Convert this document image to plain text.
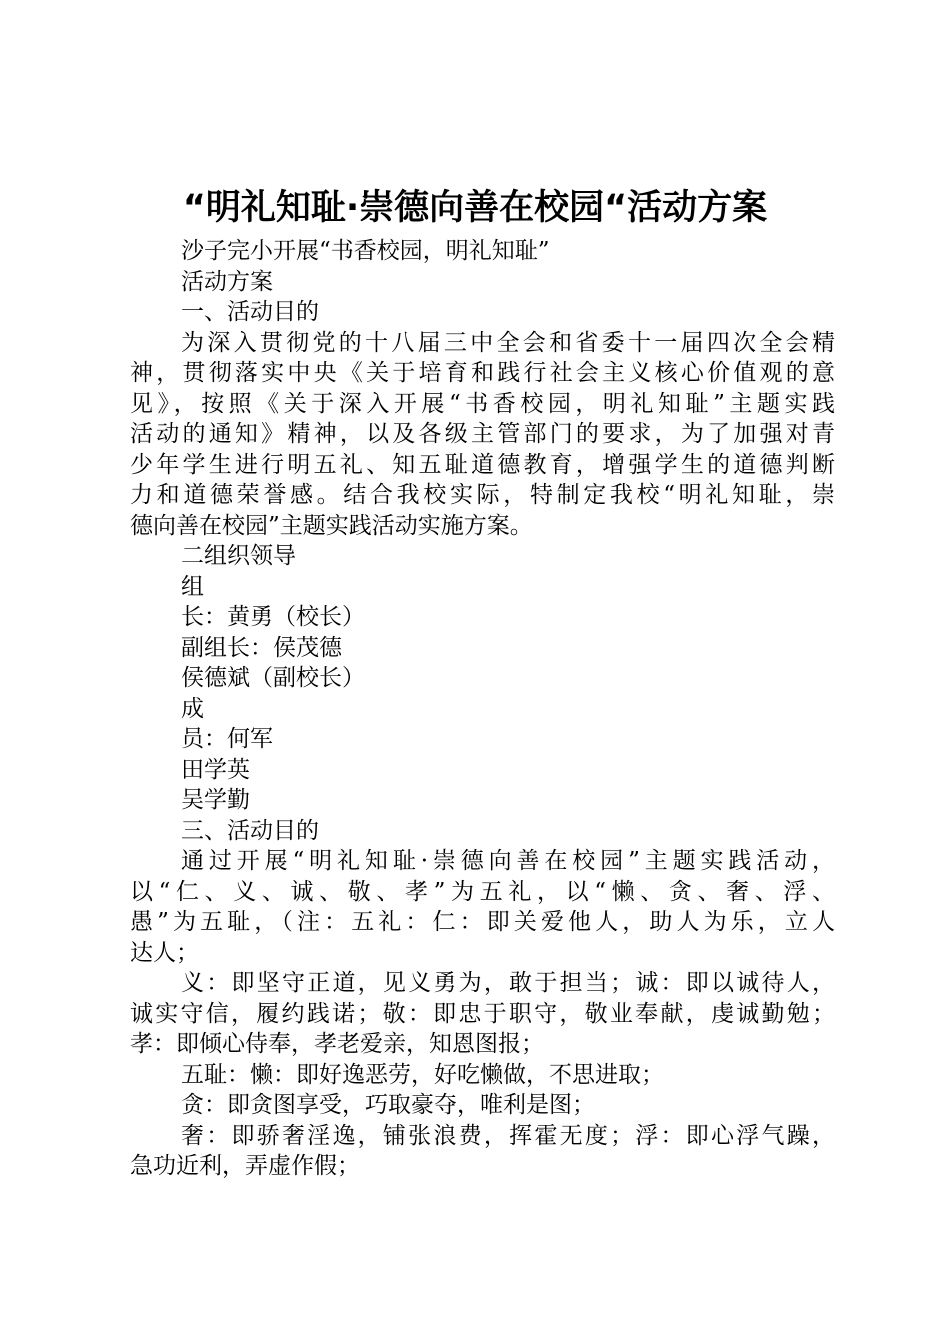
“明礼知耻·崇德向善在校园“活动方案

沙子完小开展“书香校园，明礼知耻”

活动方案

一、活动目的

为深入贯彻党的十八届三中全会和省委十一届四次全会精

神，贯彻落实中央《关于培育和践行社会主义核心价值观的意

见》，按照《关于深入开展“书香校园，明礼知耻”主题实践

活动的通知》精神，以及各级主管部门的要求，为了加强对青

少年学生进行明五礼、知五耻道德教育，增强学生的道德判断

力和道德荣誉感。结合我校实际，特制定我校“明礼知耻，崇

德向善在校园”主题实践活动实施方案。

二组织领导

组

长：黄勇（校长）

副组长：侯茂德

侯德斌（副校长）

成

员：何军

田学英

吴学勤

三、活动目的

通过开展“明礼知耻·崇德向善在校园”主题实践活动，

以“仁、义、诚、敬、孝”为五礼，以“懒、贪、奢、浮、

愚”为五耻，（注：五礼：仁：即关爱他人，助人为乐，立人

达人；

义：即坚守正道，见义勇为，敢于担当；诚：即以诚待人，

诚实守信，履约践诺；敬：即忠于职守，敬业奉献，虔诚勤勉；

孝：即倾心侍奉，孝老爱亲，知恩图报；

五耻：懒：即好逸恶劳，好吃懒做，不思进取；

贪：即贪图享受，巧取豪夺，唯利是图；

奢：即骄奢淫逸，铺张浪费，挥霍无度；浮：即心浮气躁，

急功近利，弄虚作假；
